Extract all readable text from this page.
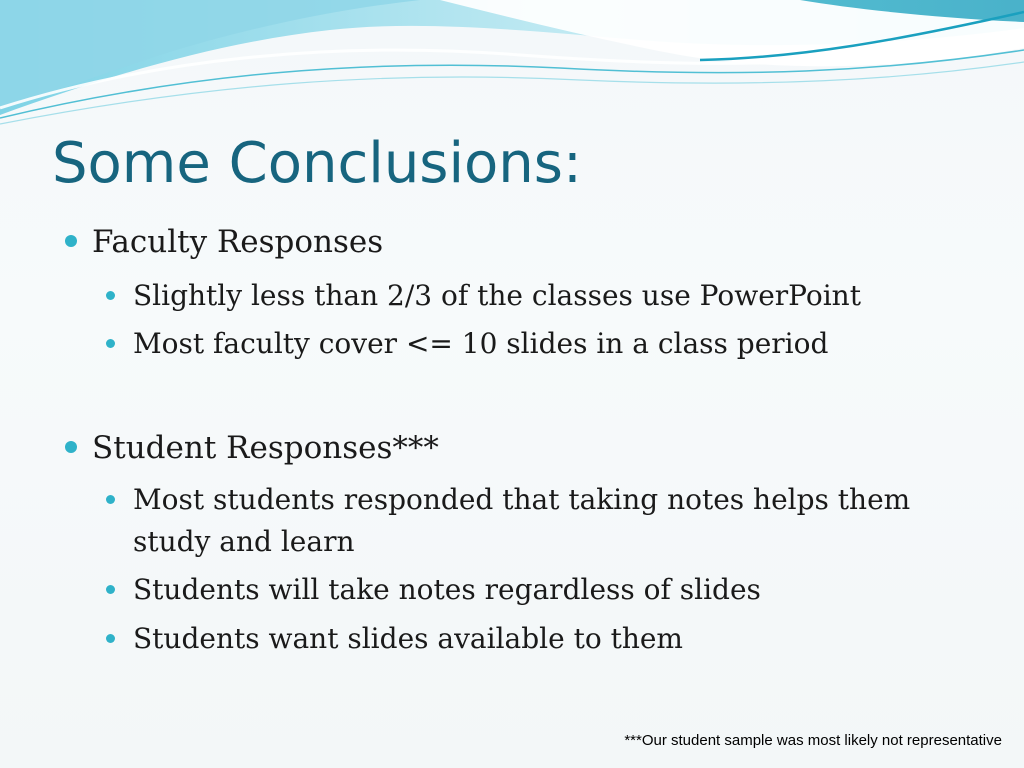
Some Conclusions:
Faculty Responses
Slightly less than 2/3 of the classes use PowerPoint
Most faculty cover <= 10 slides in a class period
Student Responses***
Most students responded that taking notes helps them study and learn
Students will take notes regardless of slides
Students want slides available to them
***Our student sample was most likely not representative
